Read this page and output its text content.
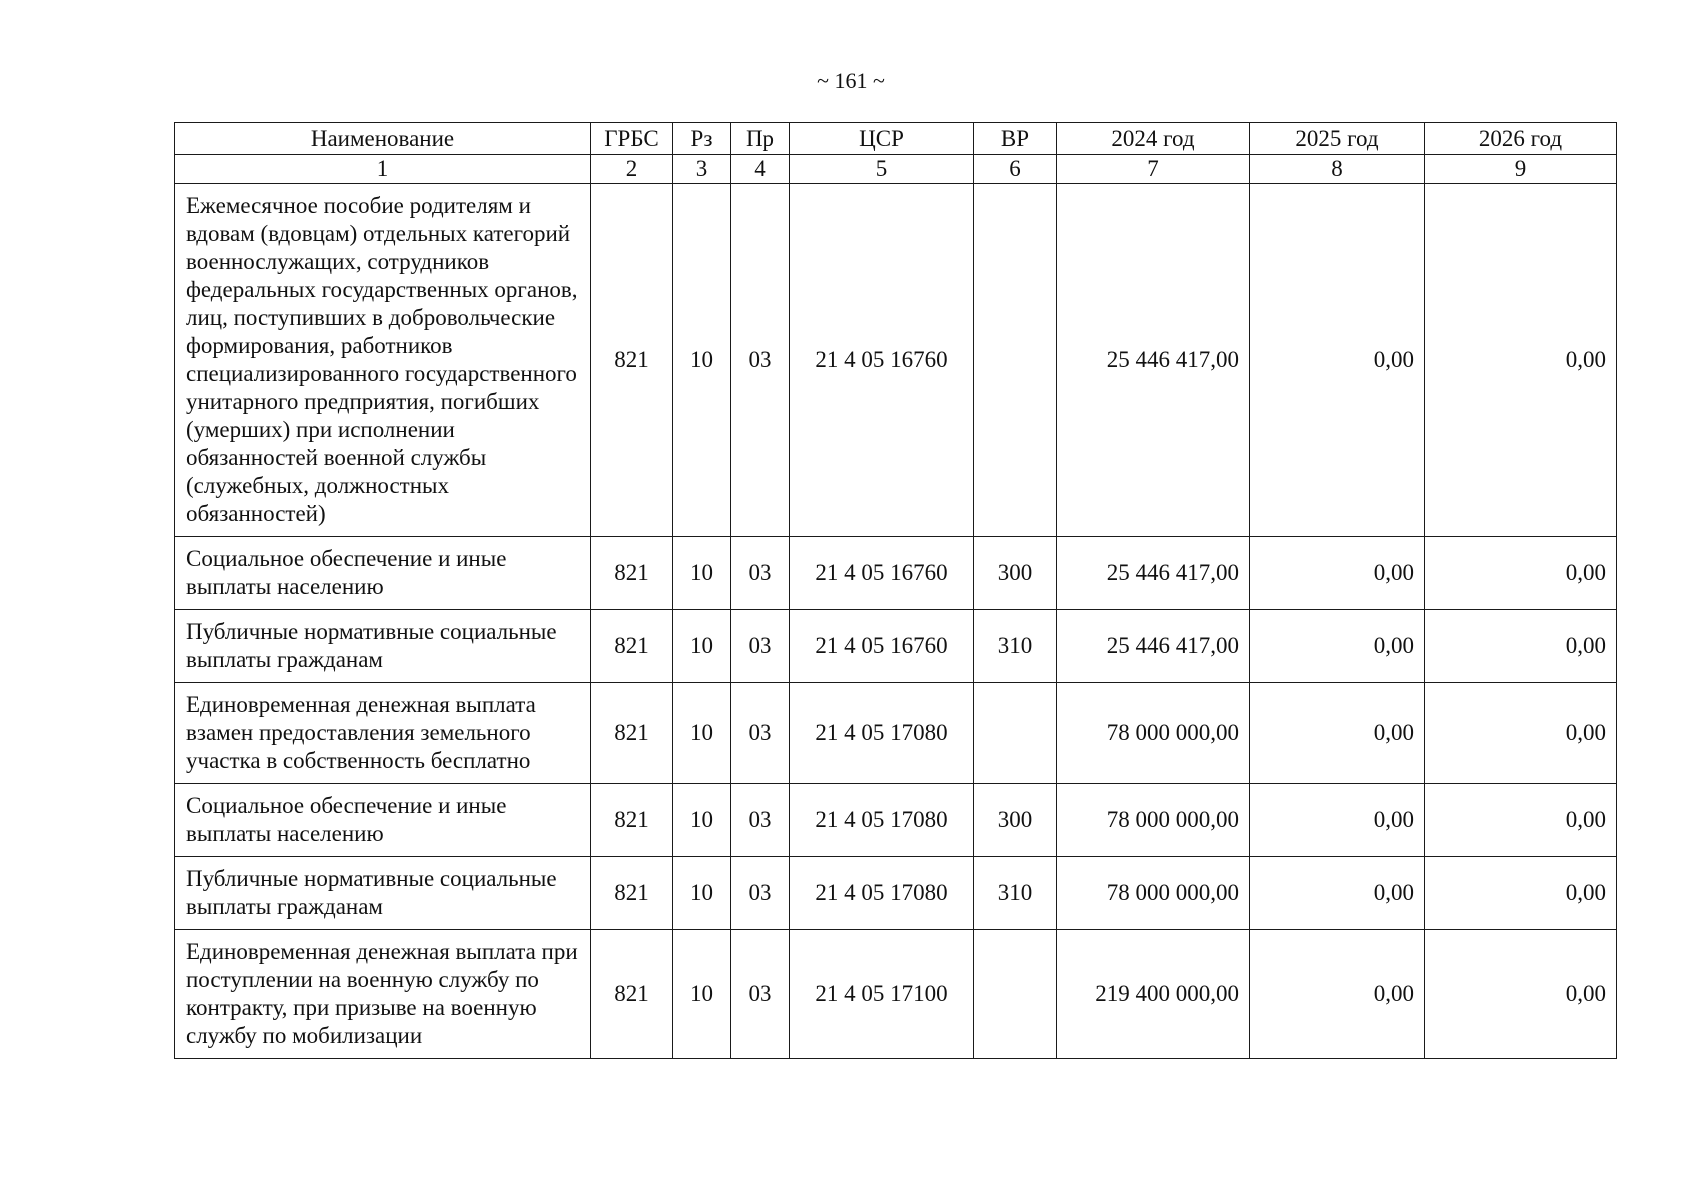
~ 161 ~
Наименование	ГРБС	Рз	Пр	ЦСР	ВР	2024 год	2025 год	2026 год
1	2	3	4	5	6	7	8	9
Ежемесячное пособие родителям и вдовам (вдовцам) отдельных категорий военнослужащих, сотрудников федеральных государственных органов, лиц, поступивших в добровольческие формирования, работников специализированного государственного унитарного предприятия, погибших (умерших) при исполнении обязанностей военной службы (служебных, должностных обязанностей)	821	10	03	21 4 05 16760		25 446 417,00	0,00	0,00
Социальное обеспечение и иные выплаты населению	821	10	03	21 4 05 16760	300	25 446 417,00	0,00	0,00
Публичные нормативные социальные выплаты гражданам	821	10	03	21 4 05 16760	310	25 446 417,00	0,00	0,00
Единовременная денежная выплата взамен предоставления земельного участка в собственность бесплатно	821	10	03	21 4 05 17080		78 000 000,00	0,00	0,00
Социальное обеспечение и иные выплаты населению	821	10	03	21 4 05 17080	300	78 000 000,00	0,00	0,00
Публичные нормативные социальные выплаты гражданам	821	10	03	21 4 05 17080	310	78 000 000,00	0,00	0,00
Единовременная денежная выплата при поступлении на военную службу по контракту, при призыве на военную службу по мобилизации	821	10	03	21 4 05 17100		219 400 000,00	0,00	0,00
